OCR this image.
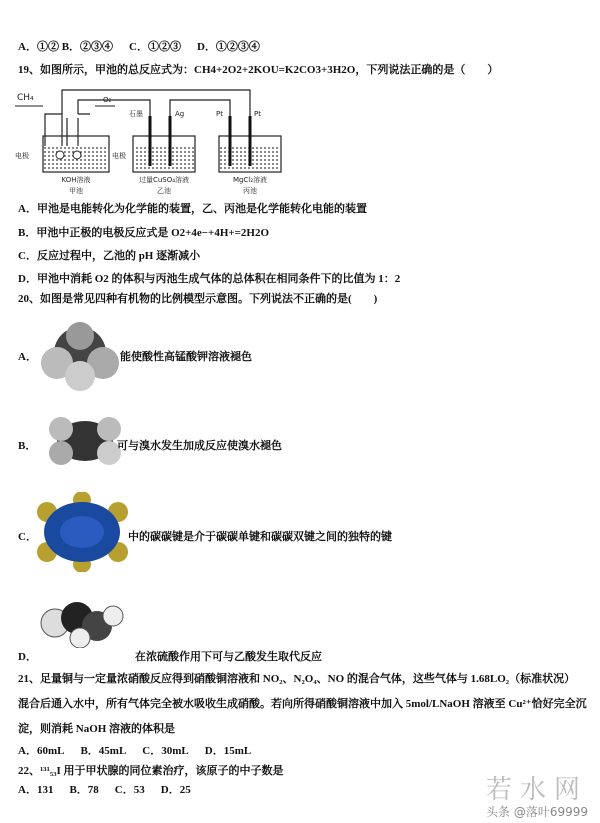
A．①② B．②③④ C．①②③ D．①②③④
19、如图所示，甲池的总反应式为：CH4+2O2+2KOU=K2CO3+3H2O，下列说法正确的是（　　）
CH₄	O₂
电极	电极
石墨	Ag	Pt	Pt
KOH溶液	过量CuSO₄溶液	MgCl₂溶液
甲池	乙池	丙池
A．甲池是电能转化为化学能的装置，乙、丙池是化学能转化电能的装置
B．甲池中正极的电极反应式是 O2+4e−+4H+=2H2O
C．反应过程中，乙池的 pH 逐渐减小
D．甲池中消耗 O2 的体积与丙池生成气体的总体积在相同条件下的比值为 1：2
20、如图是常见四种有机物的比例模型示意图。下列说法不正确的是(　　)
A．	能使酸性高锰酸钾溶液褪色
B．	可与溴水发生加成反应使溴水褪色
C．	中的碳碳键是介于碳碳单键和碳碳双键之间的独特的键
D．	在浓硫酸作用下可与乙酸发生取代反应
21、足量铜与一定量浓硝酸反应得到硝酸铜溶液和 NO₂、N₂O₄、NO 的混合气体，这些气体与 1.68LO₂（标准状况）
混合后通入水中，所有气体完全被水吸收生成硝酸。若向所得硝酸铜溶液中加入 5mol/LNaOH 溶液至 Cu²⁺恰好完全沉
淀，则消耗 NaOH 溶液的体积是
A．60mL B．45mL C．30mL D．15mL
22、¹³¹₅₃I 用于甲状腺的同位素治疗，该原子的中子数是
A．131 B．78 C．53 D．25	若水网
头条 @落叶69999
